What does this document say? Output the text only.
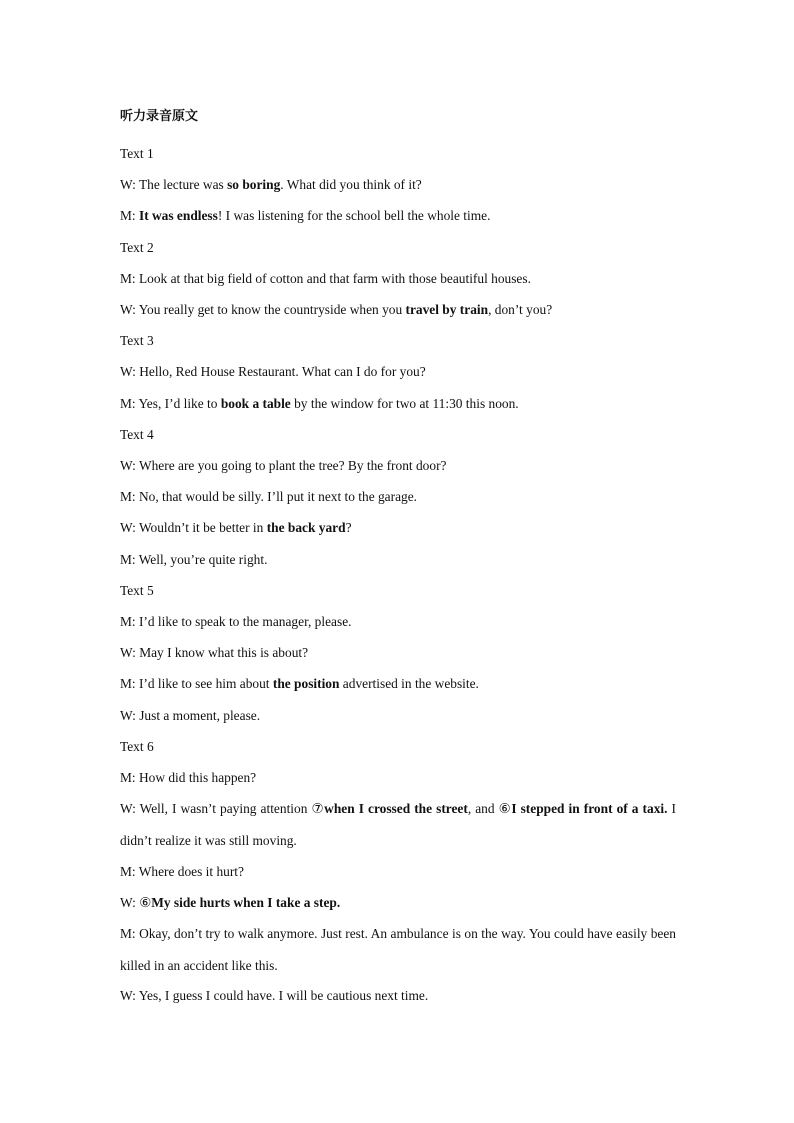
听力录音原文
Text 1
W: The lecture was so boring. What did you think of it?
M: It was endless! I was listening for the school bell the whole time.
Text 2
M: Look at that big field of cotton and that farm with those beautiful houses.
W: You really get to know the countryside when you travel by train, don’t you?
Text 3
W: Hello, Red House Restaurant. What can I do for you?
M: Yes, I’d like to book a table by the window for two at 11:30 this noon.
Text 4
W: Where are you going to plant the tree? By the front door?
M: No, that would be silly. I’ll put it next to the garage.
W: Wouldn’t it be better in the back yard?
M: Well, you’re quite right.
Text 5
M: I’d like to speak to the manager, please.
W: May I know what this is about?
M: I’d like to see him about the position advertised in the website.
W: Just a moment, please.
Text 6
M: How did this happen?
W: Well, I wasn’t paying attention ⑦when I crossed the street, and ⑥I stepped in front of a taxi. I didn’t realize it was still moving.
M: Where does it hurt?
W: ⑥My side hurts when I take a step.
M: Okay, don’t try to walk anymore. Just rest. An ambulance is on the way. You could have easily been killed in an accident like this.
W: Yes, I guess I could have. I will be cautious next time.
